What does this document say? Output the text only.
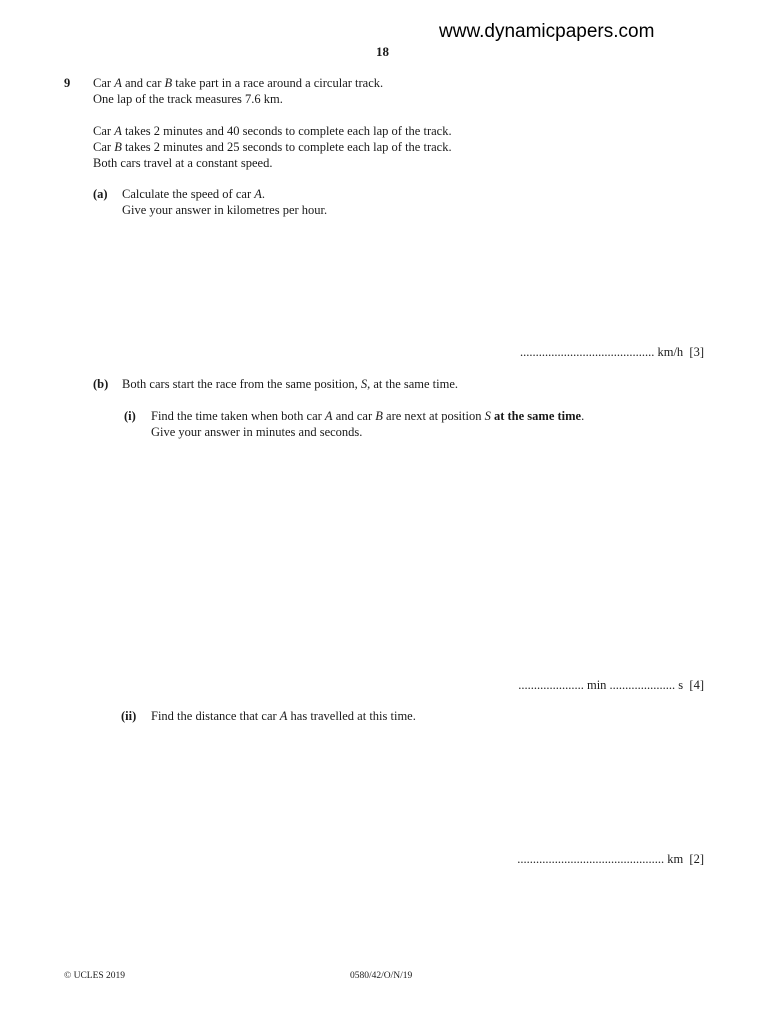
www.dynamicpapers.com
18
9 Car A and car B take part in a race around a circular track.
One lap of the track measures 7.6 km.
Car A takes 2 minutes and 40 seconds to complete each lap of the track.
Car B takes 2 minutes and 25 seconds to complete each lap of the track.
Both cars travel at a constant speed.
(a) Calculate the speed of car A.
Give your answer in kilometres per hour.
........................................... km/h [3]
(b) Both cars start the race from the same position, S, at the same time.
(i) Find the time taken when both car A and car B are next at position S at the same time.
Give your answer in minutes and seconds.
..................... min ..................... s [4]
(ii) Find the distance that car A has travelled at this time.
............................................... km [2]
© UCLES 2019	0580/42/O/N/19
